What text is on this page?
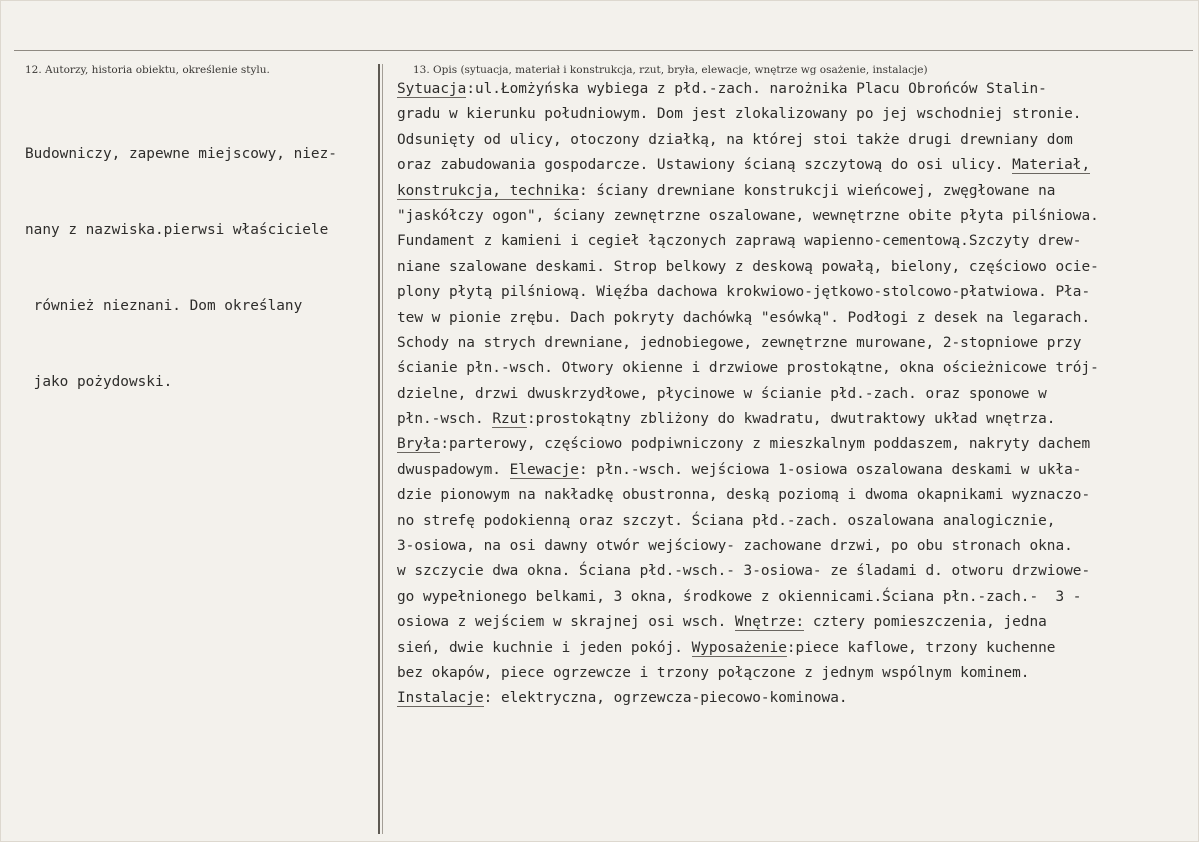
12. Autorzy, historia obiektu, określenie stylu.	13. Opis (sytuacja, materiał i konstrukcja, rzut, bryła, elewacje, wnętrze wg osażenie, instalacje)

Budowniczy, zapewne miejscowy, niez-

nany z nazwiska.pierwsi właściciele

również nieznani. Dom określany

jako pożydowski.

Sytuacja:ul.Łomżyńska wybiega z płd.-zach. narożnika Placu Obrońców Stalin-
gradu w kierunku południowym. Dom jest zlokalizowany po jej wschodniej stronie.
Odsunięty od ulicy, otoczony działką, na której stoi także drugi drewniany dom
oraz zabudowania gospodarcze. Ustawiony ścianą szczytową do osi ulicy. Materiał,
konstrukcja, technika: ściany drewniane konstrukcji wieńcowej, zwęgłowane na
"jaskółczy ogon", ściany zewnętrzne oszalowane, wewnętrzne obite płyta pilśniowa.
Fundament z kamieni i cegieł łączonych zaprawą wapienno-cementową.Szczyty drew-
niane szalowane deskami. Strop belkowy z deskową powałą, bielony, częściowo ocie-
plony płytą pilśniową. Więźba dachowa krokwiowo-jętkowo-stolcowo-płatwiowa. Pła-
tew w pionie zrębu. Dach pokryty dachówką "esówką". Podłogi z desek na legarach.
Schody na strych drewniane, jednobiegowe, zewnętrzne murowane, 2-stopniowe przy
ścianie płn.-wsch. Otwory okienne i drzwiowe prostokątne, okna ościeżnicowe trój-
dzielne, drzwi dwuskrzydłowe, płycinowe w ścianie płd.-zach. oraz sponowe w
płn.-wsch. Rzut:prostokątny zbliżony do kwadratu, dwutraktowy układ wnętrza.
Bryła:parterowy, częściowo podpiwniczony z mieszkalnym poddaszem, nakryty dachem
dwuspadowym. Elewacje: płn.-wsch. wejściowa 1-osiowa oszalowana deskami w ukła-
dzie pionowym na nakładkę obustronna, deską poziomą i dwoma okapnikami wyznaczo-
no strefę podokienną oraz szczyt. Ściana płd.-zach. oszalowana analogicznie,
3-osiowa, na osi dawny otwór wejściowy- zachowane drzwi, po obu stronach okna.
w szczycie dwa okna. Ściana płd.-wsch.- 3-osiowa- ze śladami d. otworu drzwiowe-
go wypełnionego belkami, 3 okna, środkowe z okiennicami.Ściana płn.-zach.-  3 -
osiowa z wejściem w skrajnej osi wsch. Wnętrze: cztery pomieszczenia, jedna
sień, dwie kuchnie i jeden pokój. Wyposażenie:piece kaflowe, trzony kuchenne
bez okapów, piece ogrzewcze i trzony połączone z jednym wspólnym kominem.
Instalacje: elektryczna, ogrzewcza-piecowo-kominowa.
